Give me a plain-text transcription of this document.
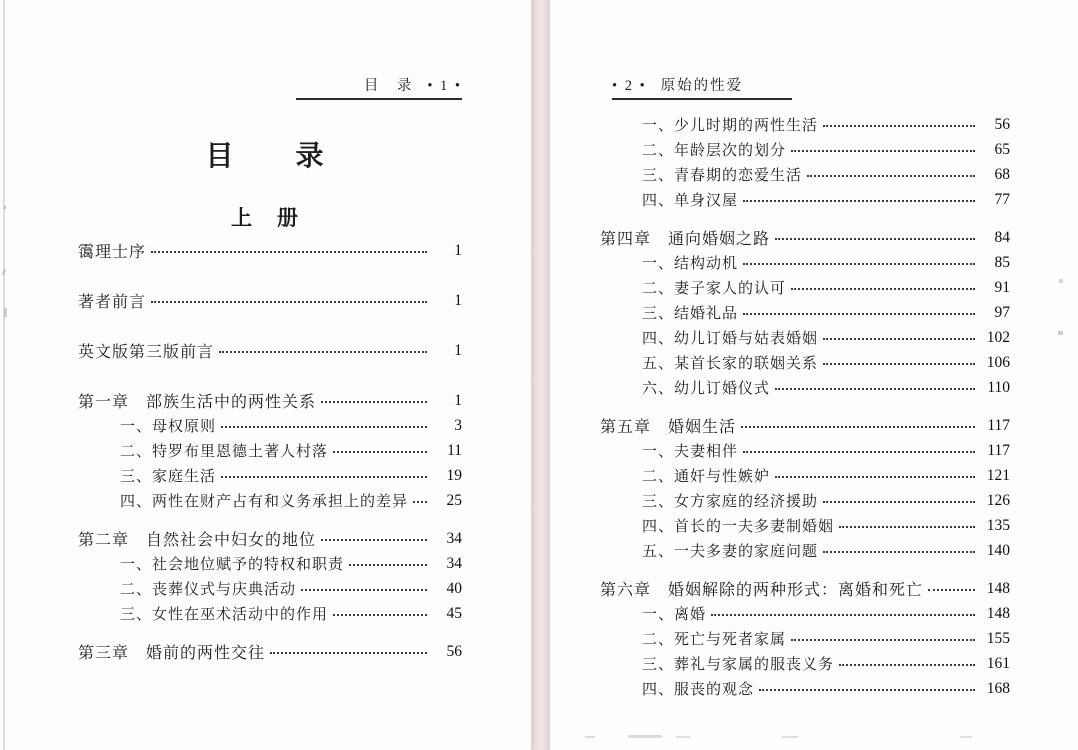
目　录 • 1 •
目　　录
上　册
霭理士序	1
著者前言	1
英文版第三版前言	1
第一章　部族生活中的两性关系	1
一、母权原则	3
二、特罗布里恩德土著人村落	11
三、家庭生活	19
四、两性在财产占有和义务承担上的差异	25
第二章　自然社会中妇女的地位	34
一、社会地位赋予的特权和职责	34
二、丧葬仪式与庆典活动	40
三、女性在巫术活动中的作用	45
第三章　婚前的两性交往	56
• 2 • 原始的性爱
一、少儿时期的两性生活	56
二、年龄层次的划分	65
三、青春期的恋爱生活	68
四、单身汉屋	77
第四章　通向婚姻之路	84
一、结构动机	85
二、妻子家人的认可	91
三、结婚礼品	97
四、幼儿订婚与姑表婚姻	102
五、某首长家的联姻关系	106
六、幼儿订婚仪式	110
第五章　婚姻生活	117
一、夫妻相伴	117
二、通奸与性嫉妒	121
三、女方家庭的经济援助	126
四、首长的一夫多妻制婚姻	135
五、一夫多妻的家庭问题	140
第六章　婚姻解除的两种形式：离婚和死亡	148
一、离婚	148
二、死亡与死者家属	155
三、葬礼与家属的服丧义务	161
四、服丧的观念	168
